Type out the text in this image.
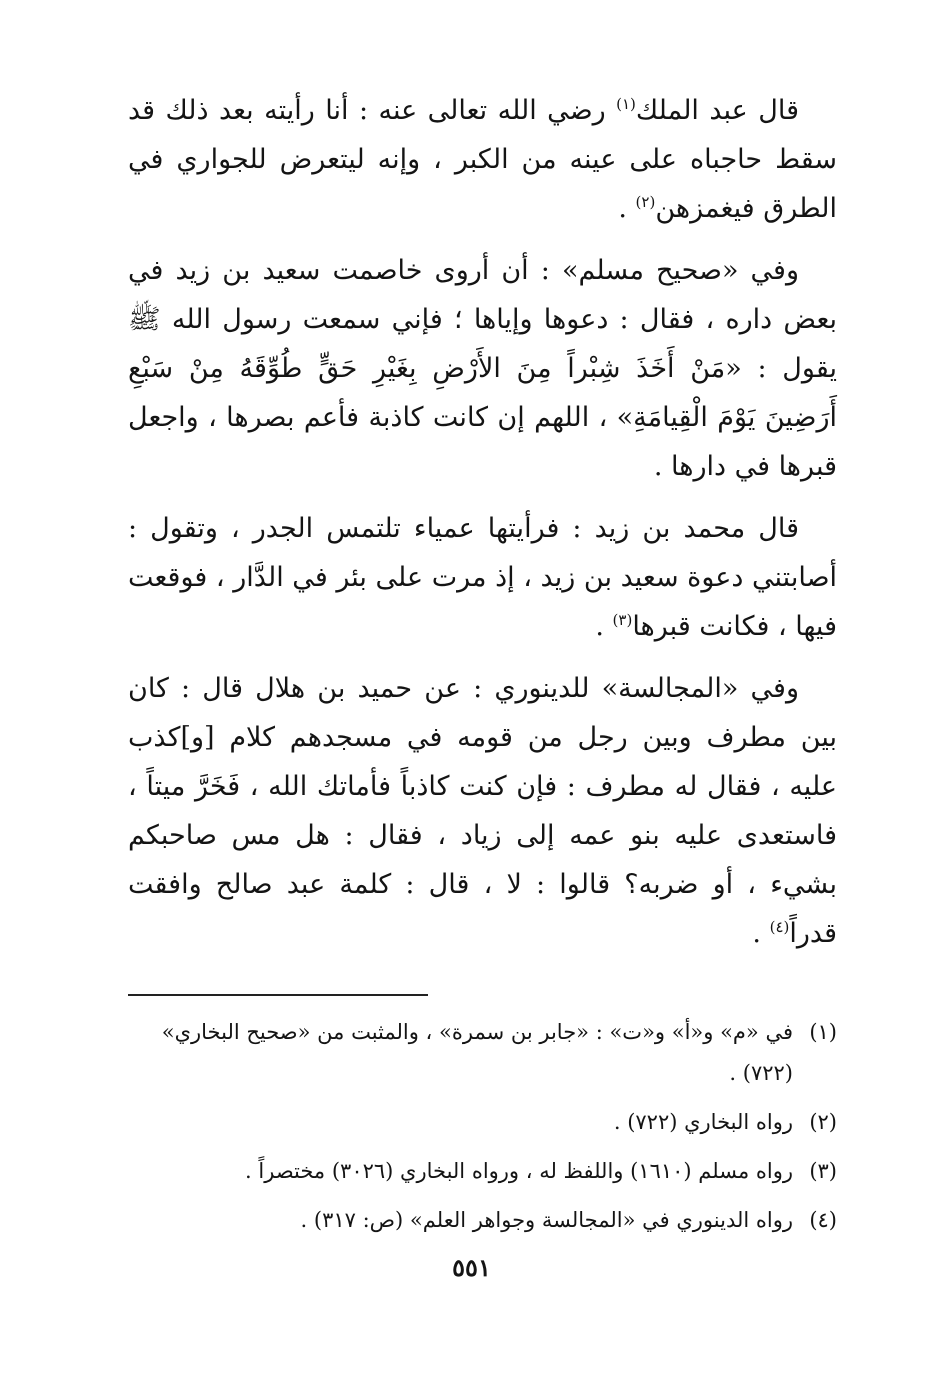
قال عبد الملك$^{(١)}$ رضي الله تعالى عنه : أنا رأيته بعد ذلك قد سقط حاجباه على عينه من الكبر ، وإنه ليتعرض للجواري في الطرق فيغمزهن$^{(٢)}$ .

وفي «صحيح مسلم» : أن أروى خاصمت سعيد بن زيد في بعض داره ، فقال : دعوها وإياها ؛ فإني سمعت رسول الله ﷺ يقول : «مَنْ أَخَذَ شِبْراً مِنَ الأَرْضِ بِغَيْرِ حَقٍّ طُوِّقَهُ مِنْ سَبْعِ أَرَضِينَ يَوْمَ الْقِيامَةِ» ، اللهم إن كانت كاذبة فأعم بصرها ، واجعل قبرها في دارها .

قال محمد بن زيد : فرأيتها عمياء تلتمس الجدر ، وتقول : أصابتني دعوة سعيد بن زيد ، إذ مرت على بئر في الدَّار ، فوقعت فيها ، فكانت قبرها$^{(٣)}$ .

وفي «المجالسة» للدينوري : عن حميد بن هلال قال : كان بين مطرف وبين رجل من قومه في مسجدهم كلام [و]كذب عليه ، فقال له مطرف : فإن كنت كاذباً فأماتك الله ، فَخَرَّ ميتاً ، فاستعدى عليه بنو عمه إلى زياد ، فقال : هل مس صاحبكم بشيء ، أو ضربه؟ قالوا : لا ، قال : كلمة عبد صالح وافقت قدراً$^{(٤)}$ .

(١)
في «م» و«أ» و«ت» : «جابر بن سمرة» ، والمثبت من «صحيح البخاري» (٧٢٢) .
(٢)
رواه البخاري (٧٢٢) .
(٣)
رواه مسلم (١٦١٠) واللفظ له ، ورواه البخاري (٣٠٢٦) مختصراً .
(٤)
رواه الدينوري في «المجالسة وجواهر العلم» (ص: ٣١٧) .
٥٥١
